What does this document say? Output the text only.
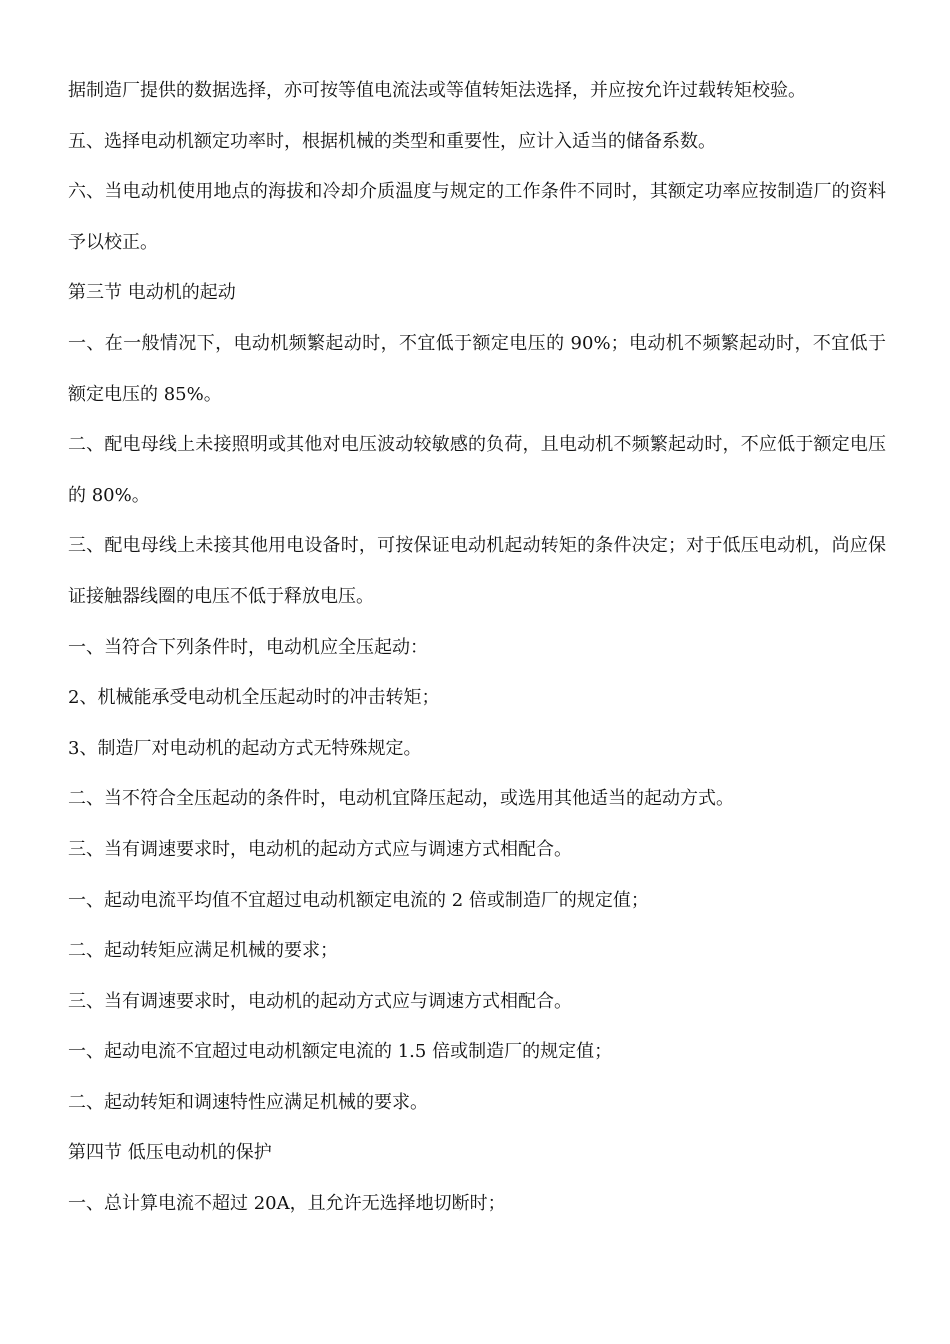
据制造厂提供的数据选择，亦可按等值电流法或等值转矩法选择，并应按允许过载转矩校验。

五、选择电动机额定功率时，根据机械的类型和重要性，应计入适当的储备系数。

六、当电动机使用地点的海拔和冷却介质温度与规定的工作条件不同时，其额定功率应按制造厂的资料予以校正。

第三节 电动机的起动

一、在一般情况下，电动机频繁起动时，不宜低于额定电压的 90%；电动机不频繁起动时，不宜低于额定电压的 85%。

二、配电母线上未接照明或其他对电压波动较敏感的负荷，且电动机不频繁起动时，不应低于额定电压的 80%。

三、配电母线上未接其他用电设备时，可按保证电动机起动转矩的条件决定；对于低压电动机，尚应保证接触器线圈的电压不低于释放电压。

一、当符合下列条件时，电动机应全压起动：

2、机械能承受电动机全压起动时的冲击转矩；

3、制造厂对电动机的起动方式无特殊规定。

二、当不符合全压起动的条件时，电动机宜降压起动，或选用其他适当的起动方式。

三、当有调速要求时，电动机的起动方式应与调速方式相配合。

一、起动电流平均值不宜超过电动机额定电流的 2 倍或制造厂的规定值；

二、起动转矩应满足机械的要求；

三、当有调速要求时，电动机的起动方式应与调速方式相配合。

一、起动电流不宜超过电动机额定电流的 1.5 倍或制造厂的规定值；

二、起动转矩和调速特性应满足机械的要求。

第四节 低压电动机的保护

一、总计算电流不超过 20A，且允许无选择地切断时；
